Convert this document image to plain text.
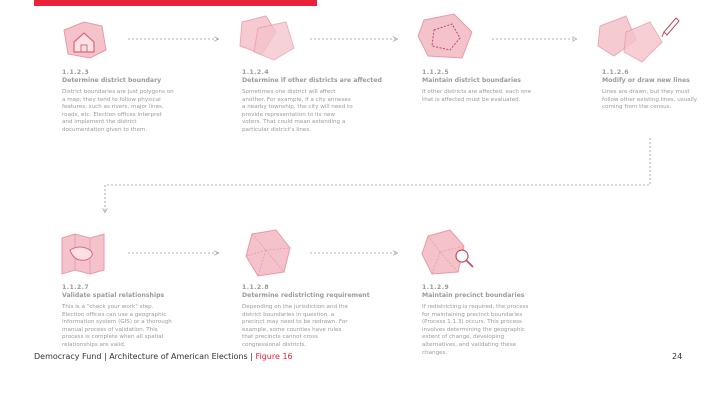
1.1.2.3
Determine district boundary
District boundaries are just polygons on a map; they tend to follow physical features, such as rivers, major lines, roads, etc. Election offices interpret and implement the district documentation given to them.
1.1.2.4
Determine if other districts are affected
Sometimes one district will affect another. For example, if a city annexes a nearby township, the city will need to provide representation to its new voters. That could mean extending a particular district's lines.
1.1.2.5
Maintain district boundaries
If other districts are affected, each one that is affected must be evaluated.
1.1.2.6
Modify or draw new lines
Lines are drawn, but they must follow other existing lines, usually coming from the census.
1.1.2.7
Validate spatial relationships
This is a "check your work" step. Election offices can use a geographic information system (GIS) or a thorough manual process of validation. This process is complete when all spatial relationships are valid.
1.1.2.8
Determine redistricting requirement
Depending on the jurisdiction and the district boundaries in question, a precinct may need to be redrawn. For example, some counties have rules that precincts cannot cross congressional districts.
1.1.2.9
Maintain precinct boundaries
If redistricting is required, the process for maintaining precinct boundaries (Process 1.1.3) occurs. This process involves determining the geographic extent of change, developing alternatives, and validating these changes.
Democracy Fund | Architecture of American Elections | Figure 16	24
